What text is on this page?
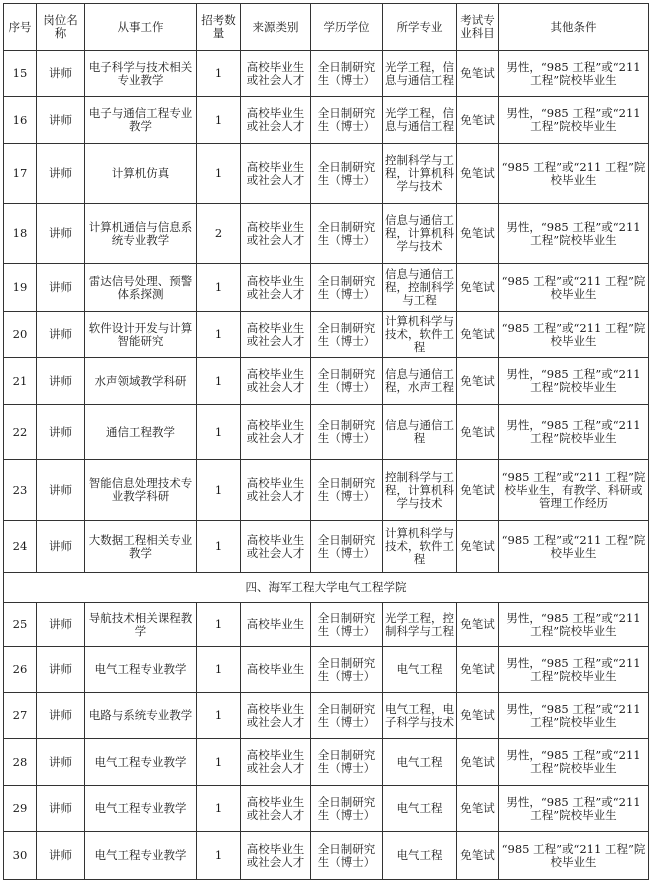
序号	岗位名称	从事工作	招考数量	来源类别	学历学位	所学专业	考试专业科目	其他条件
15	讲师	电子科学与技术相关专业教学	1	高校毕业生或社会人才	全日制研究生（博士）	光学工程，信息与通信工程	免笔试	男性，“985 工程”或“211 工程”院校毕业生
16	讲师	电子与通信工程专业教学	1	高校毕业生或社会人才	全日制研究生（博士）	光学工程，信息与通信工程	免笔试	男性，“985 工程”或“211 工程”院校毕业生
17	讲师	计算机仿真	1	高校毕业生或社会人才	全日制研究生（博士）	控制科学与工程，计算机科学与技术	免笔试	“985 工程”或“211 工程”院校毕业生
18	讲师	计算机通信与信息系统专业教学	2	高校毕业生或社会人才	全日制研究生（博士）	信息与通信工程，计算机科学与技术	免笔试	男性，“985 工程”或“211 工程”院校毕业生
19	讲师	雷达信号处理、预警体系探测	1	高校毕业生或社会人才	全日制研究生（博士）	信息与通信工程，控制科学与工程	免笔试	“985 工程”或“211 工程”院校毕业生
20	讲师	软件设计开发与计算智能研究	1	高校毕业生或社会人才	全日制研究生（博士）	计算机科学与技术，软件工程	免笔试	“985 工程”或“211 工程”院校毕业生
21	讲师	水声领域教学科研	1	高校毕业生或社会人才	全日制研究生（博士）	信息与通信工程，水声工程	免笔试	男性，“985 工程”或“211 工程”院校毕业生
22	讲师	通信工程教学	1	高校毕业生或社会人才	全日制研究生（博士）	信息与通信工程	免笔试	男性，“985 工程”或“211 工程”院校毕业生
23	讲师	智能信息处理技术专业教学科研	1	高校毕业生或社会人才	全日制研究生（博士）	控制科学与工程，计算机科学与技术	免笔试	“985 工程”或“211 工程”院校毕业生，有教学、科研或管理工作经历
24	讲师	大数据工程相关专业教学	1	高校毕业生或社会人才	全日制研究生（博士）	计算机科学与技术，软件工程	免笔试	“985 工程”或“211 工程”院校毕业生
四、海军工程大学电气工程学院								
25	讲师	导航技术相关课程教学	1	高校毕业生	全日制研究生（博士）	光学工程，控制科学与工程	免笔试	男性，“985 工程”或“211 工程”院校毕业生
26	讲师	电气工程专业教学	1	高校毕业生	全日制研究生（博士）	电气工程	免笔试	男性，“985 工程”或“211 工程”院校毕业生
27	讲师	电路与系统专业教学	1	高校毕业生或社会人才	全日制研究生（博士）	电气工程，电子科学与技术	免笔试	男性，“985 工程”或“211 工程”院校毕业生
28	讲师	电气工程专业教学	1	高校毕业生或社会人才	全日制研究生（博士）	电气工程	免笔试	男性，“985 工程”或“211 工程”院校毕业生
29	讲师	电气工程专业教学	1	高校毕业生或社会人才	全日制研究生（博士）	电气工程	免笔试	男性，“985 工程”或“211 工程”院校毕业生
30	讲师	电气工程专业教学	1	高校毕业生或社会人才	全日制研究生（博士）	电气工程	免笔试	“985 工程”或“211 工程”院校毕业生
